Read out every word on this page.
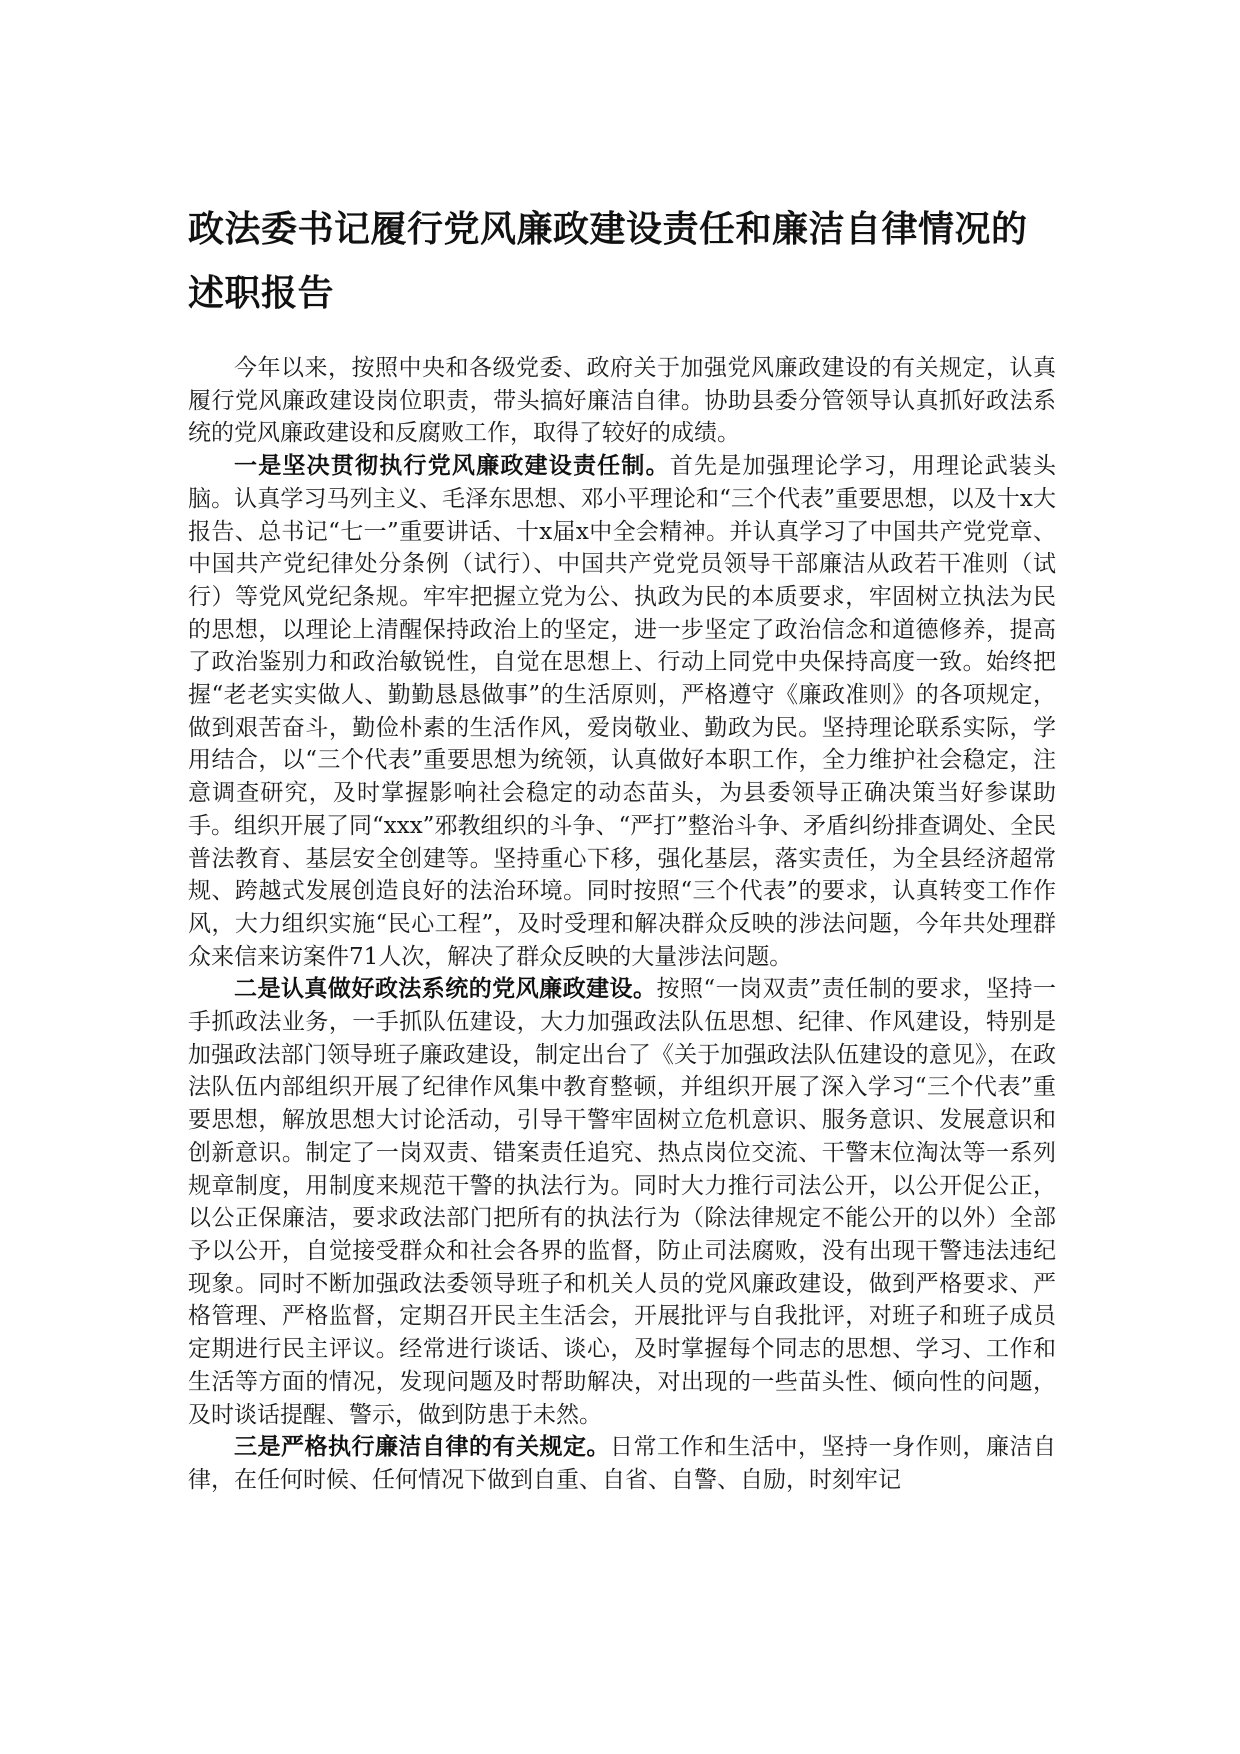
政法委书记履行党风廉政建设责任和廉洁自律情况的述职报告

今年以来，按照中央和各级党委、政府关于加强党风廉政建设的有关规定，认真履行党风廉政建设岗位职责，带头搞好廉洁自律。协助县委分管领导认真抓好政法系统的党风廉政建设和反腐败工作，取得了较好的成绩。

一是坚决贯彻执行党风廉政建设责任制。首先是加强理论学习，用理论武装头脑。认真学习马列主义、毛泽东思想、邓小平理论和“三个代表”重要思想，以及十x大报告、总书记“七一”重要讲话、十x届x中全会精神。并认真学习了中国共产党党章、中国共产党纪律处分条例（试行）、中国共产党党员领导干部廉洁从政若干准则（试行）等党风党纪条规。牢牢把握立党为公、执政为民的本质要求，牢固树立执法为民的思想，以理论上清醒保持政治上的坚定，进一步坚定了政治信念和道德修养，提高了政治鉴别力和政治敏锐性，自觉在思想上、行动上同党中央保持高度一致。始终把握“老老实实做人、勤勤恳恳做事”的生活原则，严格遵守《廉政准则》的各项规定，做到艰苦奋斗，勤俭朴素的生活作风，爱岗敬业、勤政为民。坚持理论联系实际，学用结合，以“三个代表”重要思想为统领，认真做好本职工作，全力维护社会稳定，注意调查研究，及时掌握影响社会稳定的动态苗头，为县委领导正确决策当好参谋助手。组织开展了同“xxx”邪教组织的斗争、“严打”整治斗争、矛盾纠纷排查调处、全民普法教育、基层安全创建等。坚持重心下移，强化基层，落实责任，为全县经济超常规、跨越式发展创造良好的法治环境。同时按照“三个代表”的要求，认真转变工作作风，大力组织实施“民心工程”，及时受理和解决群众反映的涉法问题，今年共处理群众来信来访案件71人次，解决了群众反映的大量涉法问题。

二是认真做好政法系统的党风廉政建设。按照“一岗双责”责任制的要求，坚持一手抓政法业务，一手抓队伍建设，大力加强政法队伍思想、纪律、作风建设，特别是加强政法部门领导班子廉政建设，制定出台了《关于加强政法队伍建设的意见》，在政法队伍内部组织开展了纪律作风集中教育整顿，并组织开展了深入学习“三个代表”重要思想，解放思想大讨论活动，引导干警牢固树立危机意识、服务意识、发展意识和创新意识。制定了一岗双责、错案责任追究、热点岗位交流、干警末位淘汰等一系列规章制度，用制度来规范干警的执法行为。同时大力推行司法公开，以公开促公正，以公正保廉洁，要求政法部门把所有的执法行为（除法律规定不能公开的以外）全部予以公开，自觉接受群众和社会各界的监督，防止司法腐败，没有出现干警违法违纪现象。同时不断加强政法委领导班子和机关人员的党风廉政建设，做到严格要求、严格管理、严格监督，定期召开民主生活会，开展批评与自我批评，对班子和班子成员定期进行民主评议。经常进行谈话、谈心，及时掌握每个同志的思想、学习、工作和生活等方面的情况，发现问题及时帮助解决，对出现的一些苗头性、倾向性的问题，及时谈话提醒、警示，做到防患于未然。

三是严格执行廉洁自律的有关规定。日常工作和生活中，坚持一身作则，廉洁自律，在任何时候、任何情况下做到自重、自省、自警、自励，时刻牢记
